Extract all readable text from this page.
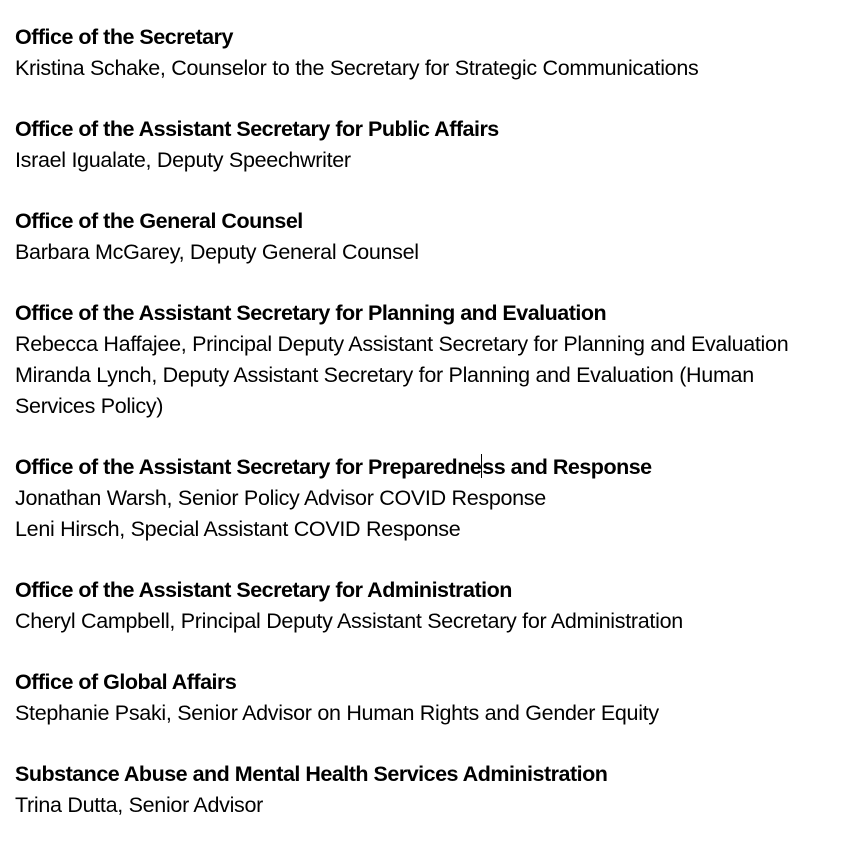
Office of the Secretary
Kristina Schake, Counselor to the Secretary for Strategic Communications
Office of the Assistant Secretary for Public Affairs
Israel Igualate, Deputy Speechwriter
Office of the General Counsel
Barbara McGarey, Deputy General Counsel
Office of the Assistant Secretary for Planning and Evaluation
Rebecca Haffajee, Principal Deputy Assistant Secretary for Planning and Evaluation
Miranda Lynch, Deputy Assistant Secretary for Planning and Evaluation (Human Services Policy)
Office of the Assistant Secretary for Preparedness and Response
Jonathan Warsh, Senior Policy Advisor COVID Response
Leni Hirsch, Special Assistant COVID Response
Office of the Assistant Secretary for Administration
Cheryl Campbell, Principal Deputy Assistant Secretary for Administration
Office of Global Affairs
Stephanie Psaki, Senior Advisor on Human Rights and Gender Equity
Substance Abuse and Mental Health Services Administration
Trina Dutta, Senior Advisor
